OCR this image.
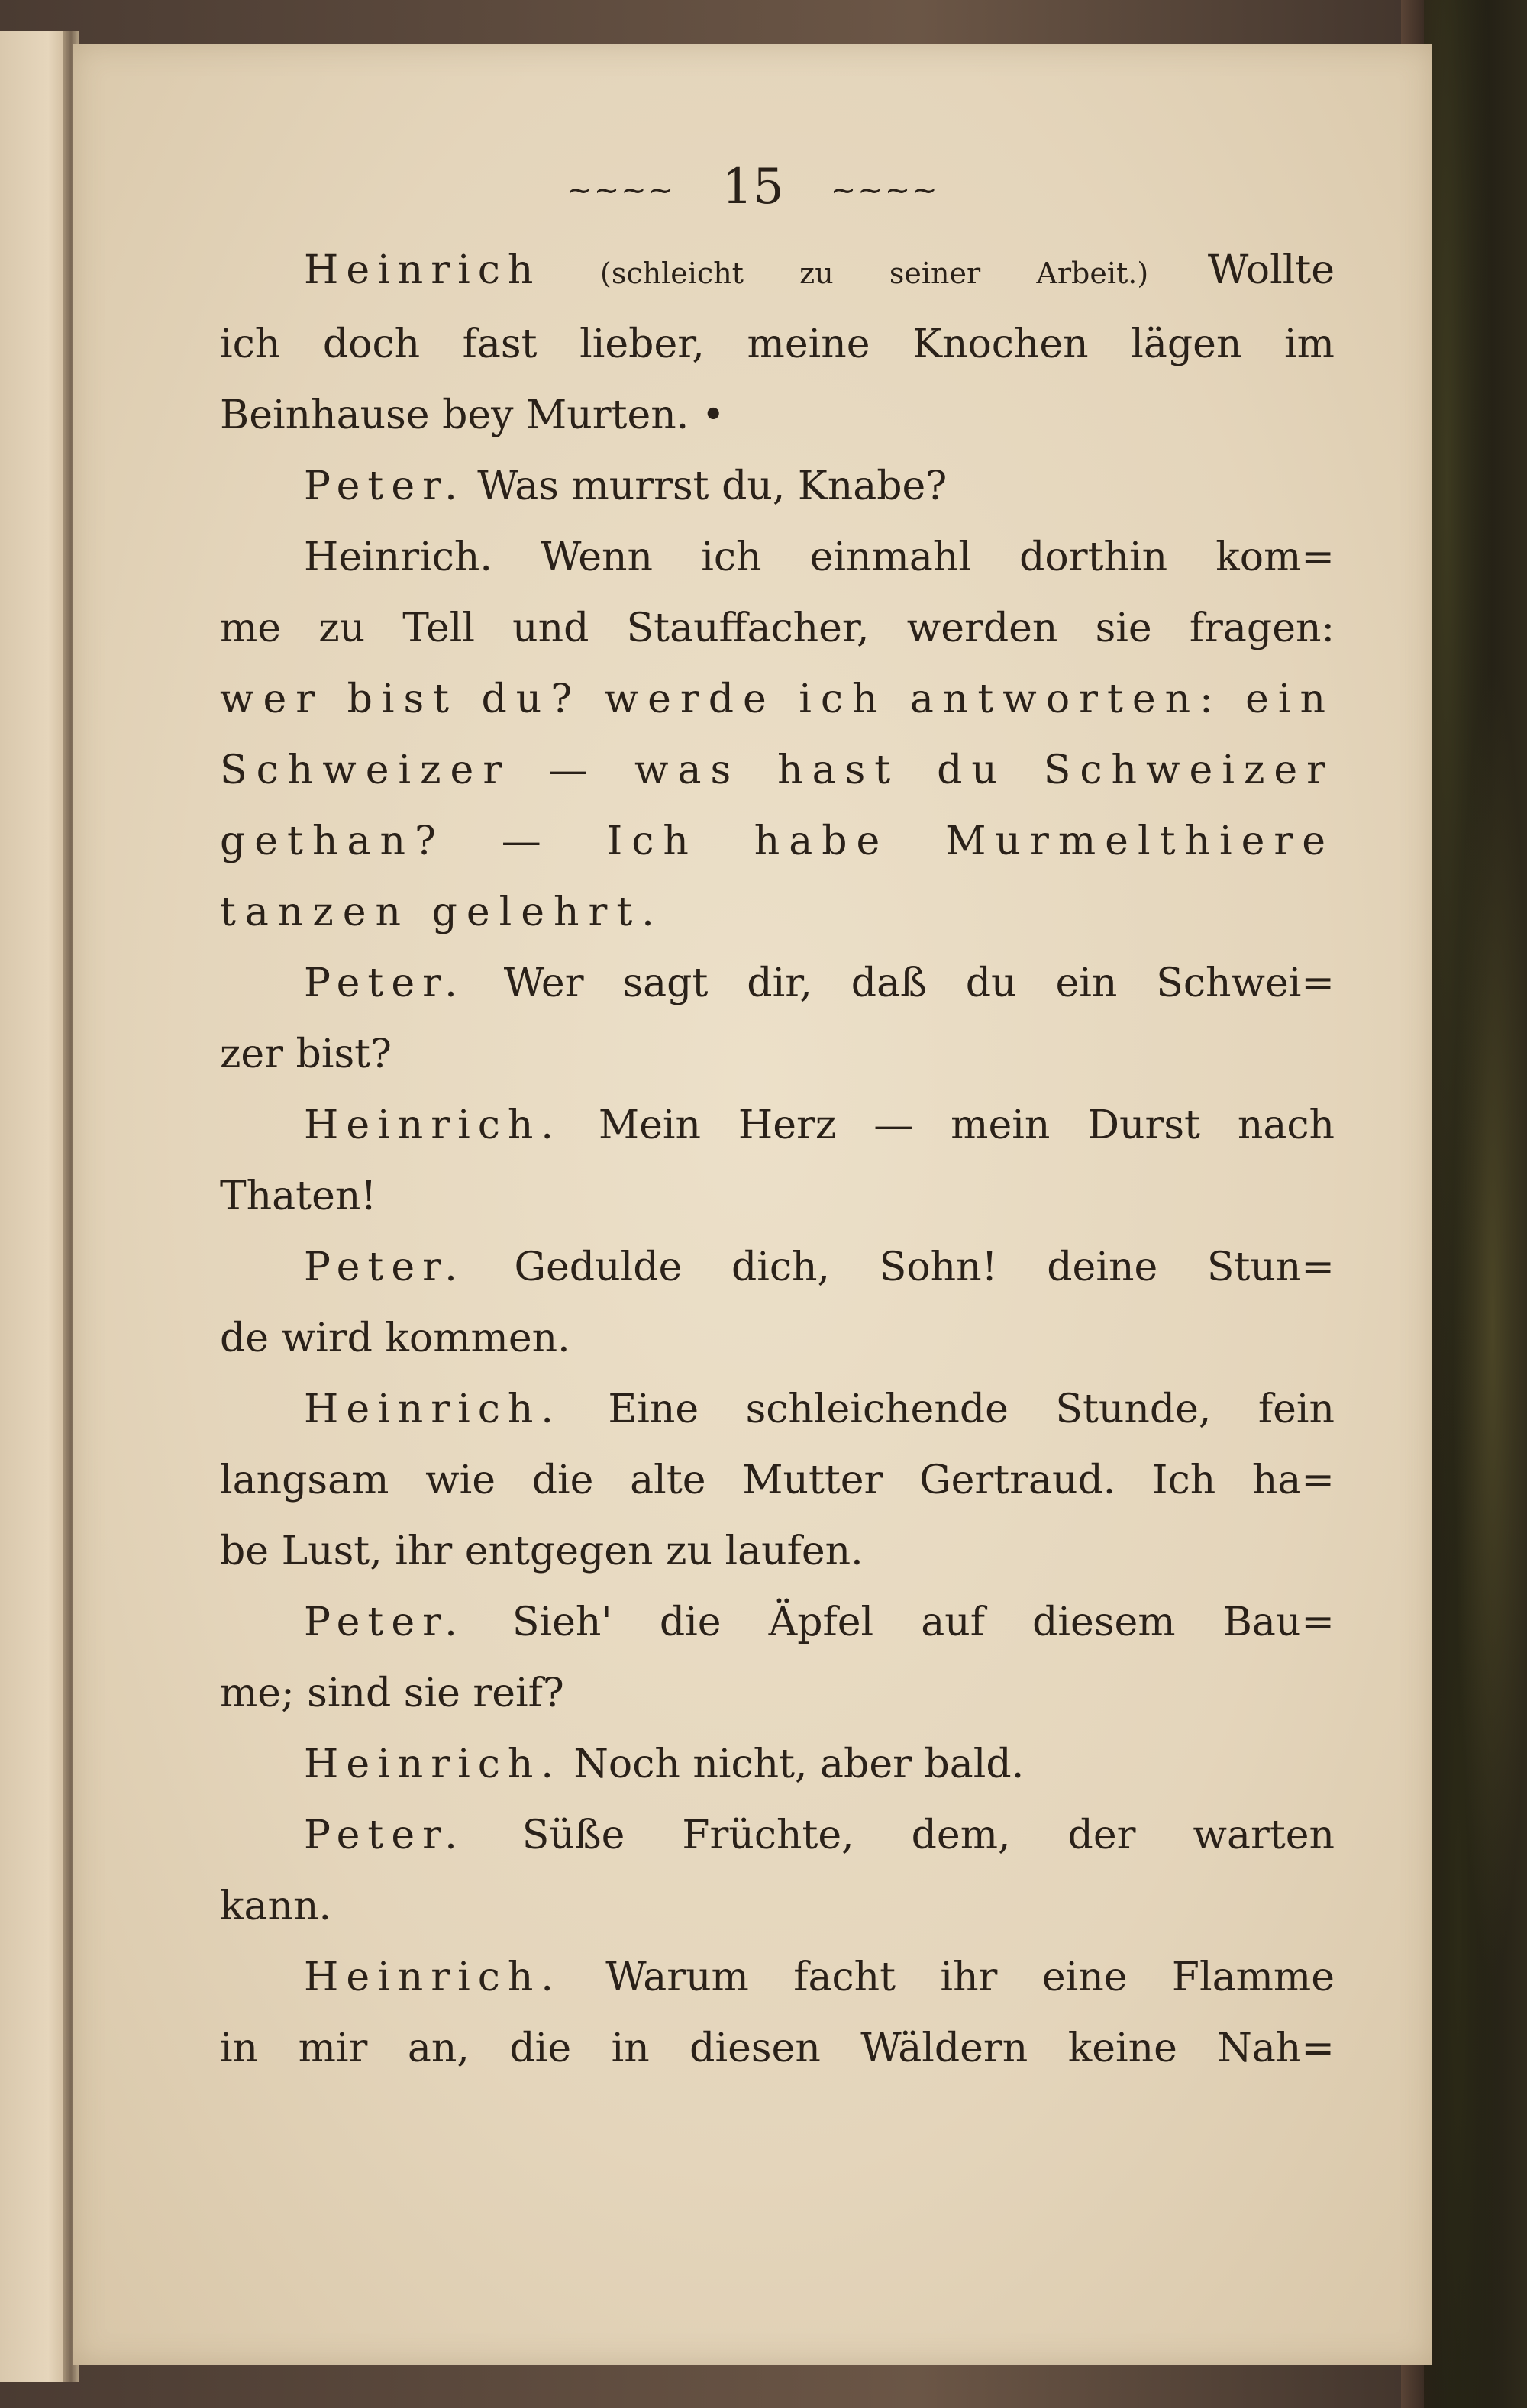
~~~~ 15 ~~~~
Heinrich (schleicht zu seiner Arbeit.) Wollte
ich doch fast lieber, meine Knochen lägen im
Beinhause bey Murten. •
Peter. Was murrst du, Knabe?
Heinrich. Wenn ich einmahl dorthin kom=
me zu Tell und Stauffacher, werden sie fragen:
wer bist du? werde ich antworten: ein
Schweizer — was hast du Schweizer
gethan? — Ich habe Murmelthiere
tanzen gelehrt.
Peter. Wer sagt dir, daß du ein Schwei=
zer bist?
Heinrich. Mein Herz — mein Durst nach
Thaten!
Peter. Gedulde dich, Sohn! deine Stun=
de wird kommen.
Heinrich. Eine schleichende Stunde, fein
langsam wie die alte Mutter Gertraud. Ich ha=
be Lust, ihr entgegen zu laufen.
Peter. Sieh' die Äpfel auf diesem Bau=
me; sind sie reif?
Heinrich. Noch nicht, aber bald.
Peter. Süße Früchte, dem, der warten
kann.
Heinrich. Warum facht ihr eine Flamme
in mir an, die in diesen Wäldern keine Nah=
